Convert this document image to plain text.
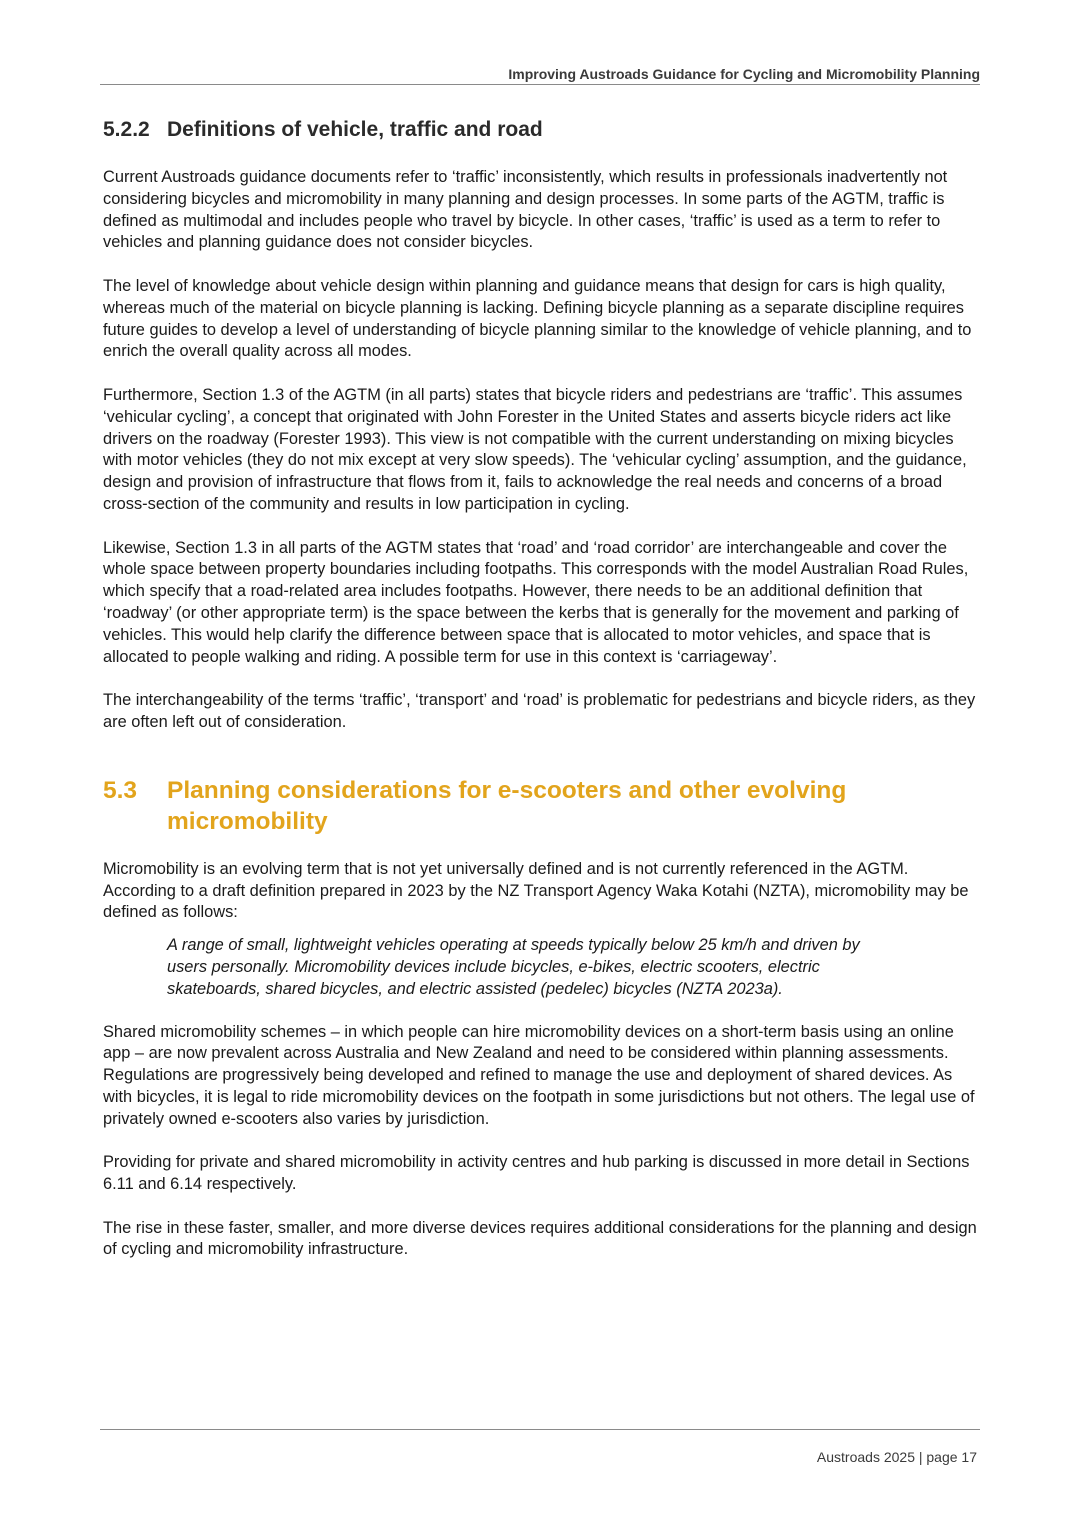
Improving Austroads Guidance for Cycling and Micromobility Planning
5.2.2 Definitions of vehicle, traffic and road

Current Austroads guidance documents refer to ‘traffic’ inconsistently, which results in professionals inadvertently not considering bicycles and micromobility in many planning and design processes. In some parts of the AGTM, traffic is defined as multimodal and includes people who travel by bicycle. In other cases, ‘traffic’ is used as a term to refer to vehicles and planning guidance does not consider bicycles.

The level of knowledge about vehicle design within planning and guidance means that design for cars is high quality, whereas much of the material on bicycle planning is lacking. Defining bicycle planning as a separate discipline requires future guides to develop a level of understanding of bicycle planning similar to the knowledge of vehicle planning, and to enrich the overall quality across all modes.

Furthermore, Section 1.3 of the AGTM (in all parts) states that bicycle riders and pedestrians are ‘traffic’. This assumes ‘vehicular cycling’, a concept that originated with John Forester in the United States and asserts bicycle riders act like drivers on the roadway (Forester 1993). This view is not compatible with the current understanding on mixing bicycles with motor vehicles (they do not mix except at very slow speeds). The ‘vehicular cycling’ assumption, and the guidance, design and provision of infrastructure that flows from it, fails to acknowledge the real needs and concerns of a broad cross-section of the community and results in low participation in cycling.

Likewise, Section 1.3 in all parts of the AGTM states that ‘road’ and ‘road corridor’ are interchangeable and cover the whole space between property boundaries including footpaths. This corresponds with the model Australian Road Rules, which specify that a road-related area includes footpaths. However, there needs to be an additional definition that ‘roadway’ (or other appropriate term) is the space between the kerbs that is generally for the movement and parking of vehicles. This would help clarify the difference between space that is allocated to motor vehicles, and space that is allocated to people walking and riding. A possible term for use in this context is ‘carriageway’.

The interchangeability of the terms ‘traffic’, ‘transport’ and ‘road’ is problematic for pedestrians and bicycle riders, as they are often left out of consideration.

5.3	Planning considerations for e-scooters and other evolving micromobility

Micromobility is an evolving term that is not yet universally defined and is not currently referenced in the AGTM. According to a draft definition prepared in 2023 by the NZ Transport Agency Waka Kotahi (NZTA), micromobility may be defined as follows:

A range of small, lightweight vehicles operating at speeds typically below 25 km/h and driven by users personally. Micromobility devices include bicycles, e-bikes, electric scooters, electric skateboards, shared bicycles, and electric assisted (pedelec) bicycles (NZTA 2023a).

Shared micromobility schemes – in which people can hire micromobility devices on a short-term basis using an online app – are now prevalent across Australia and New Zealand and need to be considered within planning assessments. Regulations are progressively being developed and refined to manage the use and deployment of shared devices. As with bicycles, it is legal to ride micromobility devices on the footpath in some jurisdictions but not others. The legal use of privately owned e-scooters also varies by jurisdiction.

Providing for private and shared micromobility in activity centres and hub parking is discussed in more detail in Sections 6.11 and 6.14 respectively.

The rise in these faster, smaller, and more diverse devices requires additional considerations for the planning and design of cycling and micromobility infrastructure.

Austroads 2025 | page 17
